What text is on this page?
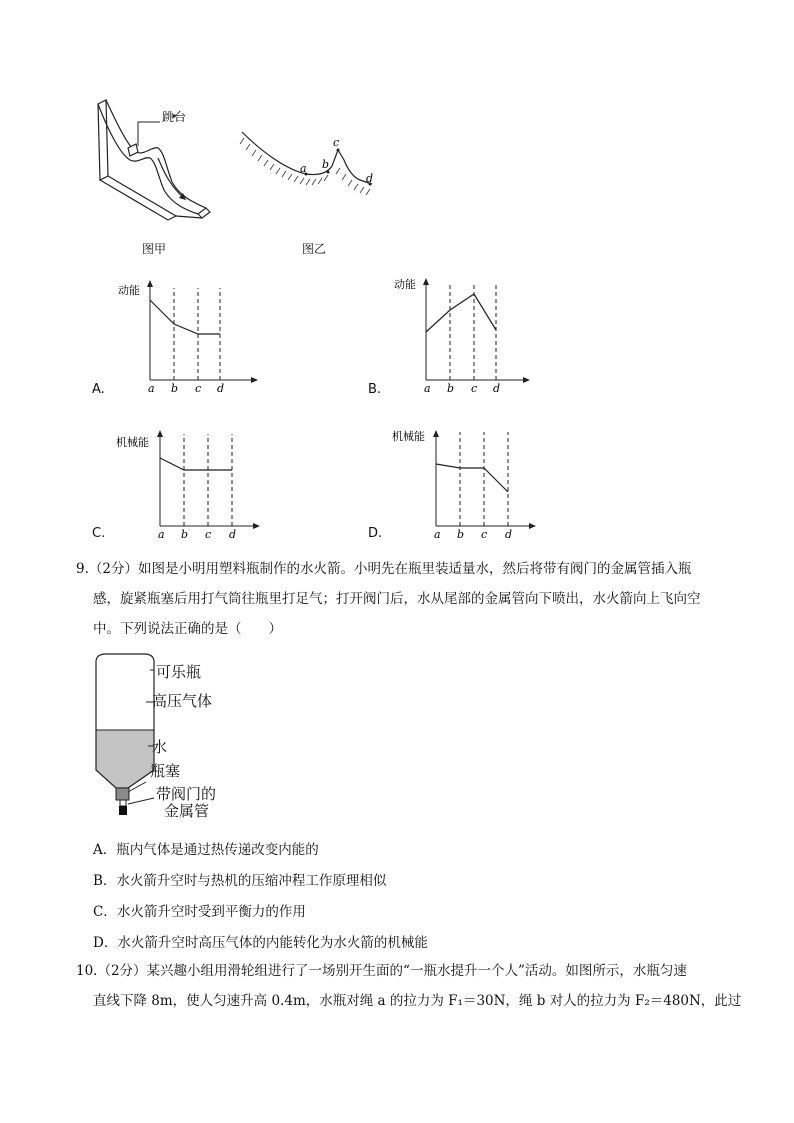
跳台
图甲
a b
c
d
图乙
A.
动能
a b c d	B.
动能
a b c d
C.
机械能
a b c d	D.
机械能
a b c d
9.（2分）如图是小明用塑料瓶制作的水火箭。小明先在瓶里装适量水，然后将带有阀门的金属管插入瓶
感，旋紧瓶塞后用打气筒往瓶里打足气；打开阀门后，水从尾部的金属管向下喷出，水火箭向上飞向空
中。下列说法正确的是（　　）
可乐瓶
高压气体
水
瓶塞
带阀门的
金属管
A．瓶内气体是通过热传递改变内能的
B．水火箭升空时与热机的压缩冲程工作原理相似
C．水火箭升空时受到平衡力的作用
D．水火箭升空时高压气体的内能转化为水火箭的机械能
10.（2分）某兴趣小组用滑轮组进行了一场别开生面的“一瓶水提升一个人”活动。如图所示，水瓶匀速
直线下降 8m，使人匀速升高 0.4m，水瓶对绳 a 的拉力为 F₁＝30N，绳 b 对人的拉力为 F₂＝480N，此过
